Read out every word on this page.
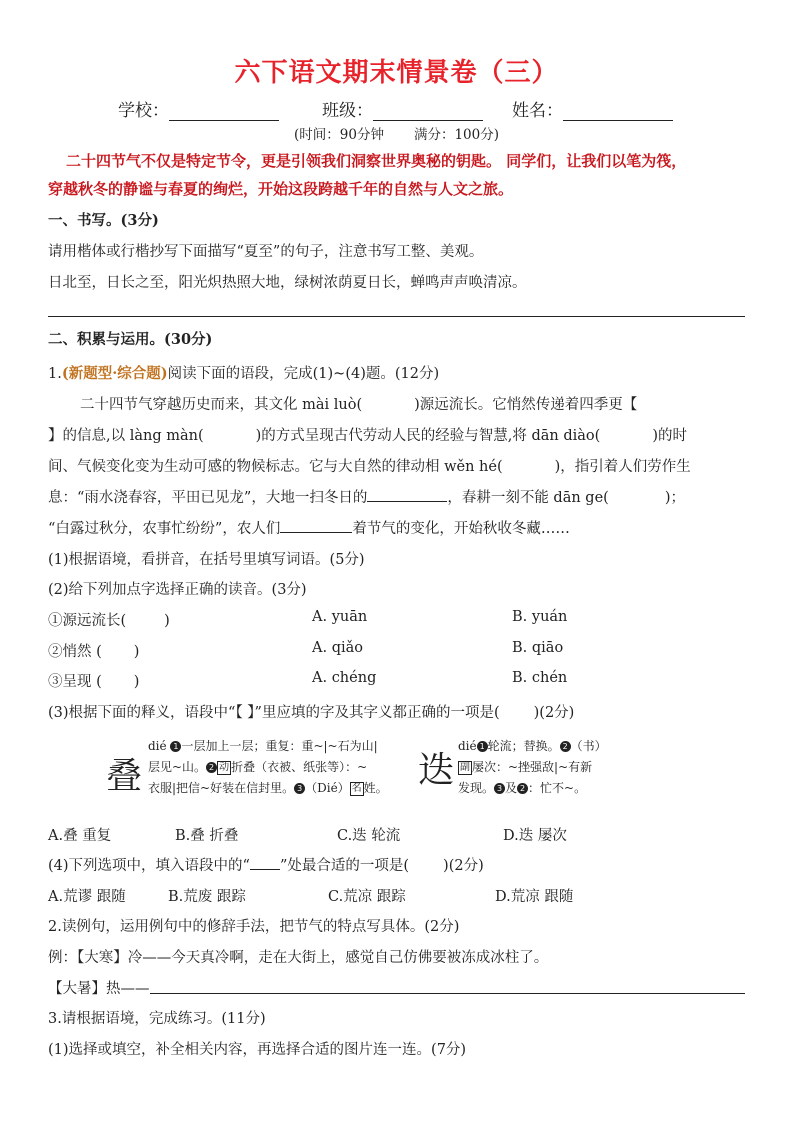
六下语文期末情景卷（三）
学校：	班级：	姓名：
(时间：90分钟 满分：100分)
二十四节气不仅是特定节令，更是引领我们洞察世界奥秘的钥匙。 同学们，让我们以笔为筏，
穿越秋冬的静谧与春夏的绚烂，开始这段跨越千年的自然与人文之旅。
一、书写。(3分)
请用楷体或行楷抄写下面描写“夏至”的句子，注意书写工整、美观。
日北至，日长之至，阳光炽热照大地，绿树浓荫夏日长，蝉鸣声声唤清凉。
二、积累与运用。(30分)
1.(新题型·综合题)阅读下面的语段，完成(1)~(4)题。(12分)
二十四节气穿越历史而来，其文化 mài luò(	)源远流长。它悄然传递着四季更【
】的信息,以 làng màn(	)的方式呈现古代劳动人民的经验与智慧,将 dān diào(	)的时
间、气候变化变为生动可感的物候标志。它与大自然的律动相 wěn hé(	)，指引着人们劳作生
息：“雨水浇春容，平田已见龙”，大地一扫冬日的	，春耕一刻不能 dān ge(	)；
“白露过秋分，农事忙纷纷”，农人们	着节气的变化，开始秋收冬藏……
(1)根据语境，看拼音，在括号里填写词语。(5分)
(2)给下列加点字选择正确的读音。(3分)
①源远流长(	)	A. yuān	B. yuán
②悄然 ( )	A. qiǎo	B. qiāo
③呈现 ( )	A. chéng	B. chén
(3)根据下面的释义，语段中“【 】”里应填的字及其字义都正确的一项是( )(2分)
叠
dié 1 一层加上一层；重复：重~|~石为山|
层见~山。 2 动 折叠（衣被、纸张等）：~
衣服|把信~好装在信封里。 3 （Dié） 名 姓。 迭
dié 1 轮流；替换。 2 （书）
副 屡次：~挫强敌|~有新
发现。 3 及 2 ：忙不~。
A.叠 重复	B.叠 折叠	C.迭 轮流	D.迭 屡次
(4)下列选项中，填入语段中的“ ”处最合适的一项是( )(2分)
A.荒谬 跟随	B.荒废 跟踪	C.荒凉 跟踪	D.荒凉 跟随
2.读例句，运用例句中的修辞手法，把节气的特点写具体。(2分)
例：【大寒】冷——今天真冷啊，走在大街上，感觉自己仿佛要被冻成冰柱了。
【大暑】热——
3.请根据语境，完成练习。(11分)
(1)选择或填空，补全相关内容，再选择合适的图片连一连。(7分)
